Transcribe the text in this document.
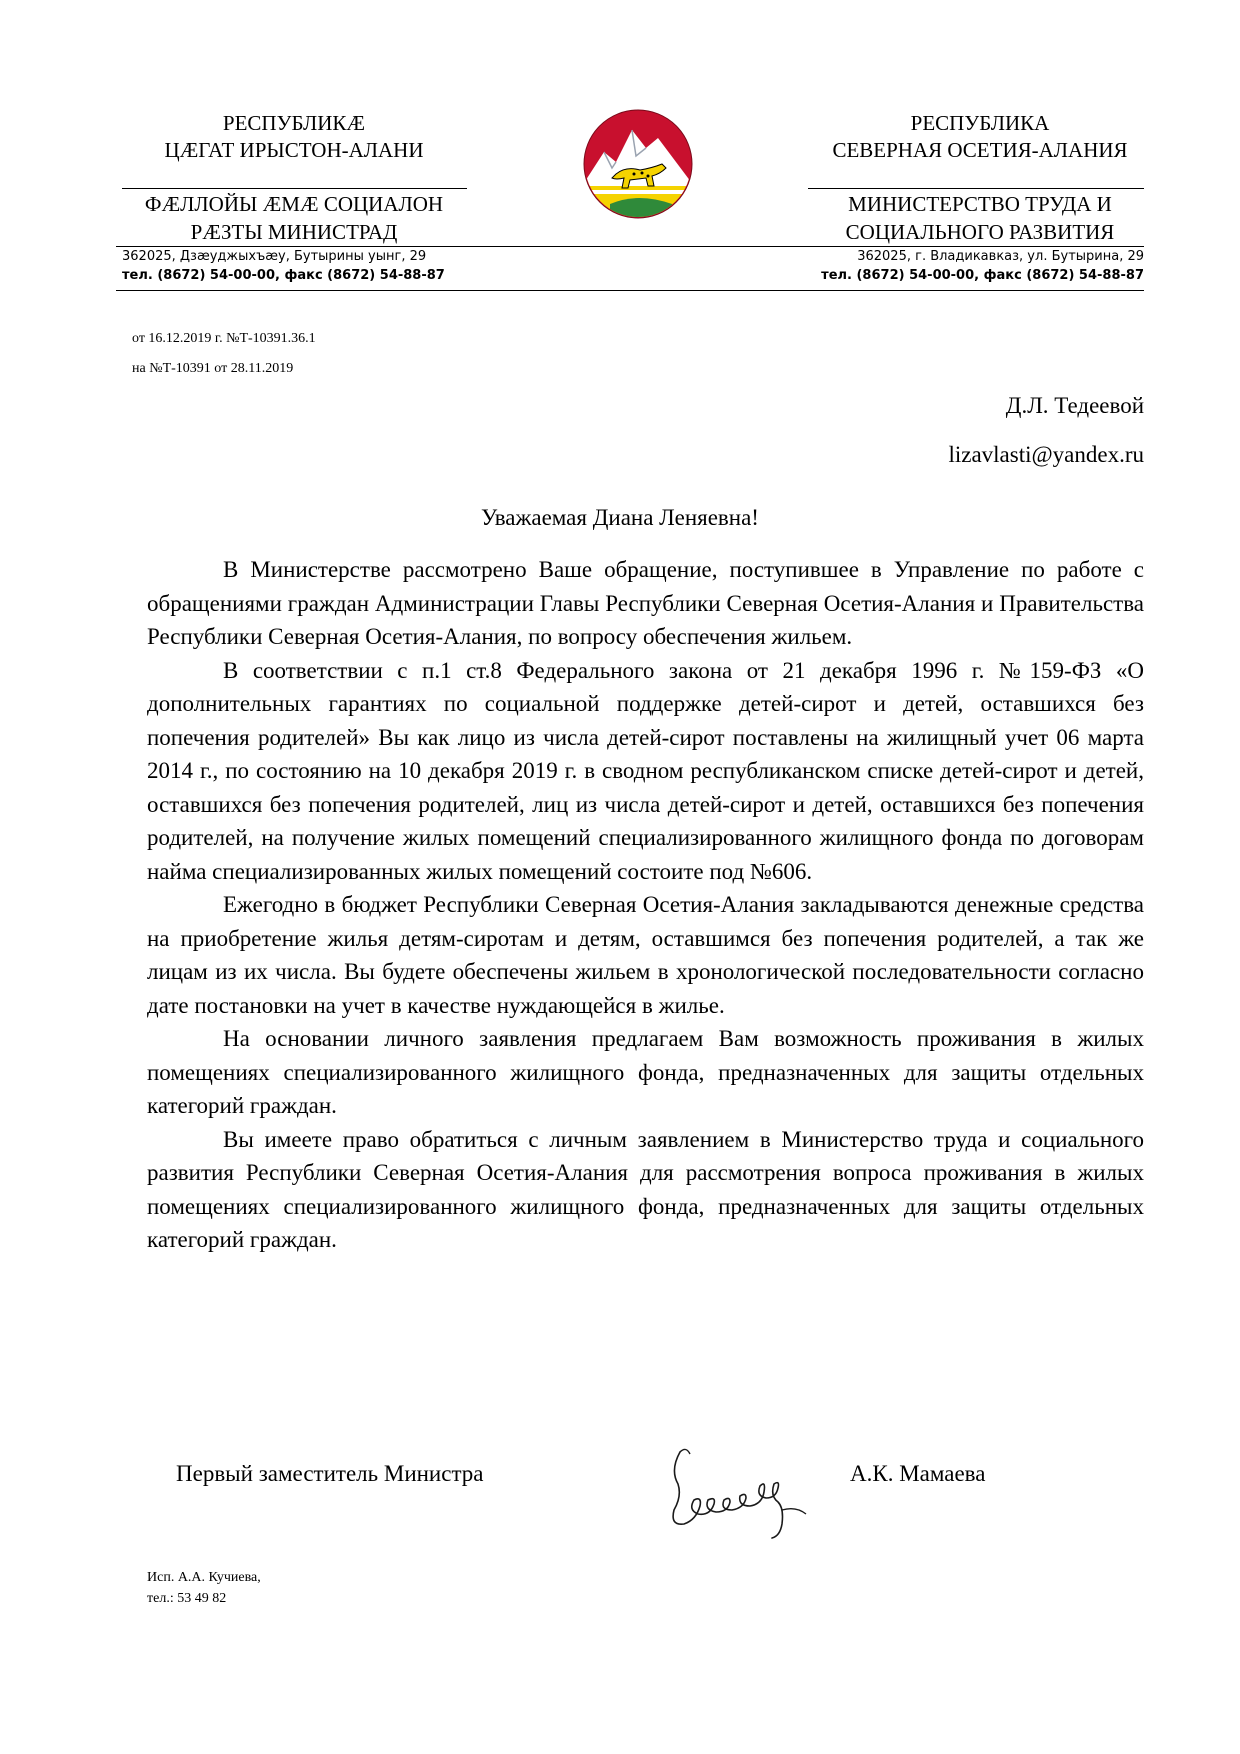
РЕСПУБЛИКÆ
ЦÆГАТ ИРЫСТОН-АЛАНИ
ФÆЛЛОЙЫ ÆМÆ СОЦИАЛОН
РÆЗТЫ МИНИСТРАД
РЕСПУБЛИКА
СЕВЕРНАЯ ОСЕТИЯ-АЛАНИЯ
МИНИСТЕРСТВО ТРУДА И
СОЦИАЛЬНОГО РАЗВИТИЯ
362025, Дзæуджыхъæу, Бутырины уынг, 29
тел. (8672) 54-00-00, факс (8672) 54-88-87
362025, г. Владикавказ, ул. Бутырина, 29
тел. (8672) 54-00-00, факс (8672) 54-88-87
от 16.12.2019 г. №Т-10391.36.1
на №Т-10391 от 28.11.2019
Д.Л. Тедеевой
lizavlasti@yandex.ru
Уважаемая Диана Леняевна!

В Министерстве рассмотрено Ваше обращение, поступившее в Управление по работе с обращениями граждан Администрации Главы Республики Северная Осетия-Алания и Правительства Республики Северная Осетия-Алания, по вопросу обеспечения жильем.

В соответствии с п.1 ст.8 Федерального закона от 21 декабря 1996 г. №159-ФЗ «О дополнительных гарантиях по социальной поддержке детей-сирот и детей, оставшихся без попечения родителей» Вы как лицо из числа детей-сирот поставлены на жилищный учет 06 марта 2014 г., по состоянию на 10 декабря 2019 г. в сводном республиканском списке детей-сирот и детей, оставшихся без попечения родителей, лиц из числа детей-сирот и детей, оставшихся без попечения родителей, на получение жилых помещений специализированного жилищного фонда по договорам найма специализированных жилых помещений состоите под №606.

Ежегодно в бюджет Республики Северная Осетия-Алания закладываются денежные средства на приобретение жилья детям-сиротам и детям, оставшимся без попечения родителей, а так же лицам из их числа. Вы будете обеспечены жильем в хронологической последовательности согласно дате постановки на учет в качестве нуждающейся в жилье.

На основании личного заявления предлагаем Вам возможность проживания в жилых помещениях специализированного жилищного фонда, предназначенных для защиты отдельных категорий граждан.

Вы имеете право обратиться с личным заявлением в Министерство труда и социального развития Республики Северная Осетия-Алания для рассмотрения вопроса проживания в жилых помещениях специализированного жилищного фонда, предназначенных для защиты отдельных категорий граждан.

Первый заместитель Министра	А.К. Мамаева
Исп. А.А. Кучиева,
тел.: 53 49 82
